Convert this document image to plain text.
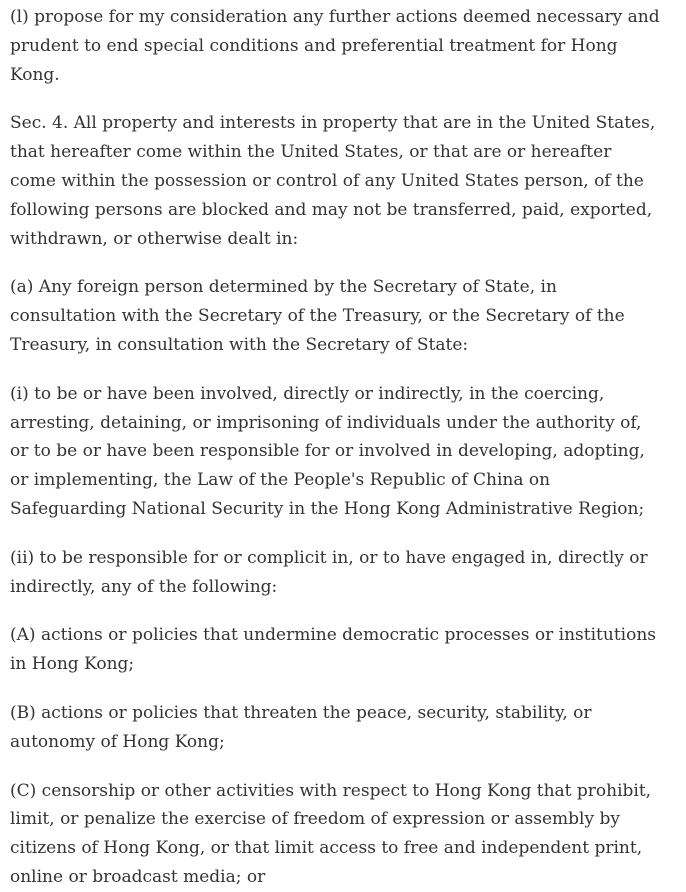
(l) propose for my consideration any further actions deemed necessary and prudent to end special conditions and preferential treatment for Hong Kong.

Sec. 4. All property and interests in property that are in the United States, that hereafter come within the United States, or that are or hereafter come within the possession or control of any United States person, of the following persons are blocked and may not be transferred, paid, exported, withdrawn, or otherwise dealt in:

(a) Any foreign person determined by the Secretary of State, in consultation with the Secretary of the Treasury, or the Secretary of the Treasury, in consultation with the Secretary of State:

(i) to be or have been involved, directly or indirectly, in the coercing, arresting, detaining, or imprisoning of individuals under the authority of, or to be or have been responsible for or involved in developing, adopting, or implementing, the Law of the People's Republic of China on Safeguarding National Security in the Hong Kong Administrative Region;

(ii) to be responsible for or complicit in, or to have engaged in, directly or indirectly, any of the following:

(A) actions or policies that undermine democratic processes or institutions in Hong Kong;

(B) actions or policies that threaten the peace, security, stability, or autonomy of Hong Kong;

(C) censorship or other activities with respect to Hong Kong that prohibit, limit, or penalize the exercise of freedom of expression or assembly by citizens of Hong Kong, or that limit access to free and independent print, online or broadcast media; or
